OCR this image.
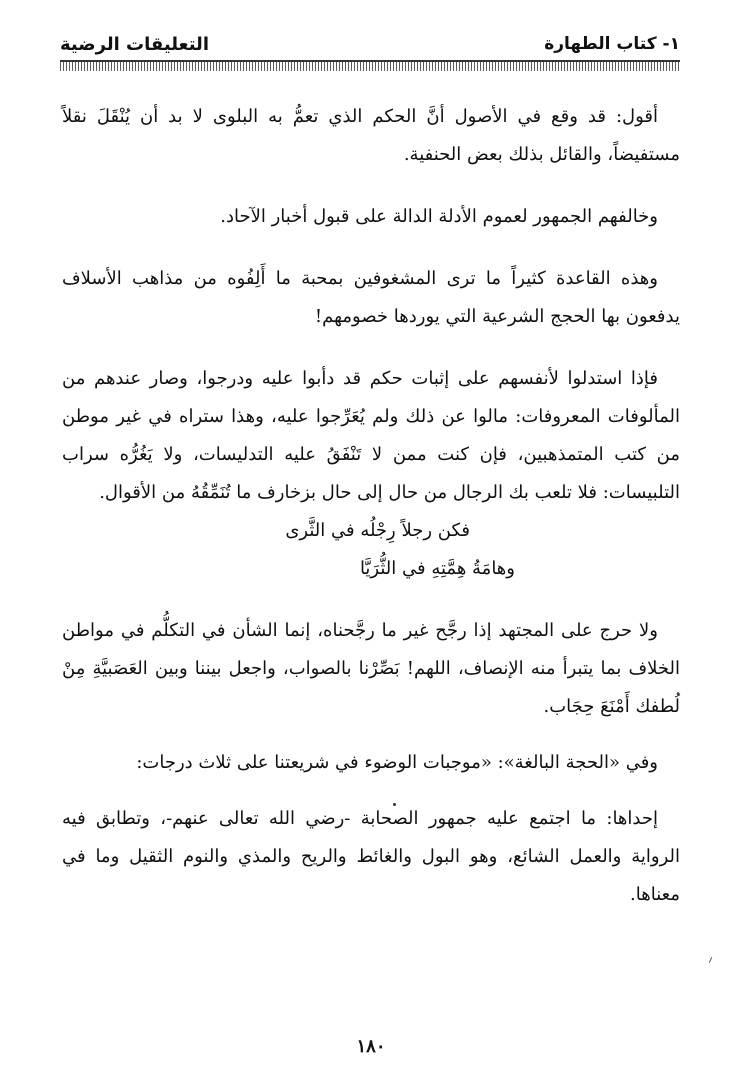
١- كتاب الطهارة
التعليقات الرضية

أقول: قد وقع في الأصول أنَّ الحكم الذي تعمُّ به البلوى لا بد أن يُنْقَلَ نقلاً مستفيضاً، والقائل بذلك بعض الحنفية.

وخالفهم الجمهور لعموم الأدلة الدالة على قبول أخبار الآحاد.

وهذه القاعدة كثيراً ما ترى المشغوفين بمحبة ما أَلِفُوه من مذاهب الأسلاف يدفعون بها الحجج الشرعية التي يوردها خصومهم!

فإذا استدلوا لأنفسهم على إثبات حكم قد دأبوا عليه ودرجوا، وصار عندهم من المألوفات المعروفات: مالوا عن ذلك ولم يُعَرِّجوا عليه، وهذا ستراه في غير موطن من كتب المتمذهبين، فإن كنت ممن لا تَنْفَقُ عليه التدليسات، ولا يَغُرُّه سراب التلبيسات: فلا تلعب بك الرجال من حال إلى حال بزخارف ما تُنَمِّقُهُ من الأقوال.

فكن رجلاً رِجْلُه في الثَّرى

وهامَةُ هِمَّتِهِ في الثُّرَيَّا

ولا حرج على المجتهد إذا رجَّح غير ما رجَّحناه، إنما الشأن في التكلُّم في مواطن الخلاف بما يتبرأ منه الإنصاف، اللهم! بَصِّرْنا بالصواب، واجعل بيننا وبين العَصَبيَّةِ مِنْ لُطفك أَمْنَعَ حِجَاب.

وفي «الحجة البالغة»: «موجبات الوضوء في شريعتنا على ثلاث درجات:

إحداها: ما اجتمع عليه جمهور الصحابة -رضي الله تعالى عنهم-، وتطابق فيه الرواية والعمل الشائع، وهو البول والغائط والريح والمذي والنوم الثقيل وما في معناها.

١٨٠
